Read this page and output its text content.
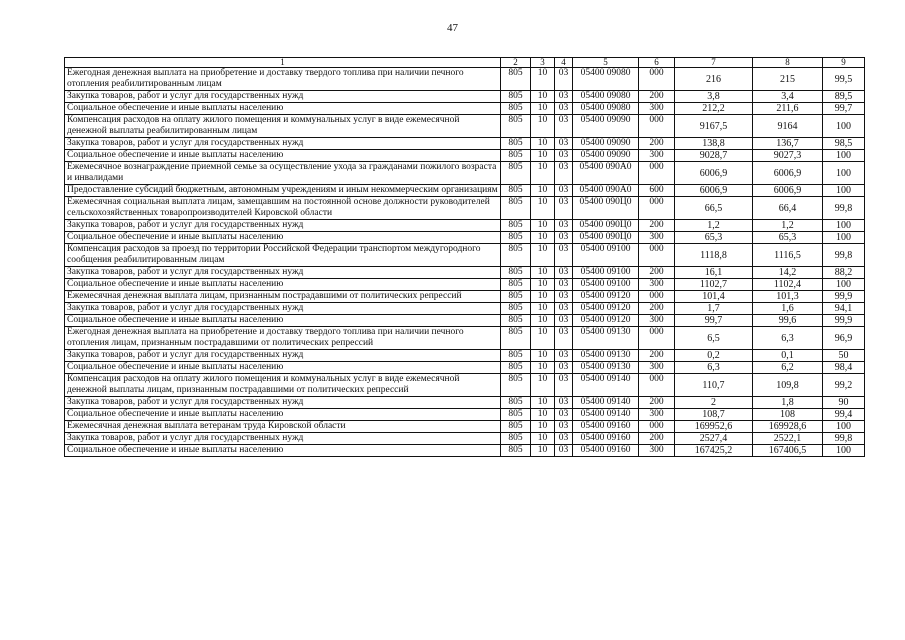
47
1	2	3	4	5	6	7	8	9
Ежегодная денежная выплата на приобретение и доставку твердого топлива при наличии печного отопления реабилитированным лицам	805	10	03	05400 09080	000	216	215	99,5
Закупка товаров, работ и услуг для государственных нужд	805	10	03	05400 09080	200	3,8	3,4	89,5
Социальное обеспечение и иные выплаты населению	805	10	03	05400 09080	300	212,2	211,6	99,7
Компенсация расходов на оплату жилого помещения и коммунальных услуг в виде ежемесячной денежной выплаты реабилитированным лицам	805	10	03	05400 09090	000	9167,5	9164	100
Закупка товаров, работ и услуг для государственных нужд	805	10	03	05400 09090	200	138,8	136,7	98,5
Социальное обеспечение и иные выплаты населению	805	10	03	05400 09090	300	9028,7	9027,3	100
Ежемесячное вознаграждение приемной семье за осуществление ухода за гражданами пожилого возраста и инвалидами	805	10	03	05400 090А0	000	6006,9	6006,9	100
Предоставление субсидий бюджетным, автономным учреждениям и иным некоммерческим организациям	805	10	03	05400 090А0	600	6006,9	6006,9	100
Ежемесячная социальная выплата лицам, замещавшим на постоянной основе должности руководителей сельскохозяйственных товаропроизводителей Кировской области	805	10	03	05400 090Ц0	000	66,5	66,4	99,8
Закупка товаров, работ и услуг для государственных нужд	805	10	03	05400 090Ц0	200	1,2	1,2	100
Социальное обеспечение и иные выплаты населению	805	10	03	05400 090Ц0	300	65,3	65,3	100
Компенсация расходов за проезд по территории Российской Федерации транспортом междугородного сообщения реабилитированным лицам	805	10	03	05400 09100	000	1118,8	1116,5	99,8
Закупка товаров, работ и услуг для государственных нужд	805	10	03	05400 09100	200	16,1	14,2	88,2
Социальное обеспечение и иные выплаты населению	805	10	03	05400 09100	300	1102,7	1102,4	100
Ежемесячная денежная выплата лицам, признанным пострадавшими от политических репрессий	805	10	03	05400 09120	000	101,4	101,3	99,9
Закупка товаров, работ и услуг для государственных нужд	805	10	03	05400 09120	200	1,7	1,6	94,1
Социальное обеспечение и иные выплаты населению	805	10	03	05400 09120	300	99,7	99,6	99,9
Ежегодная денежная выплата на приобретение и доставку твердого топлива при наличии печного отопления лицам, признанным пострадавшими от политических репрессий	805	10	03	05400 09130	000	6,5	6,3	96,9
Закупка товаров, работ и услуг для государственных нужд	805	10	03	05400 09130	200	0,2	0,1	50
Социальное обеспечение и иные выплаты населению	805	10	03	05400 09130	300	6,3	6,2	98,4
Компенсация расходов на оплату жилого помещения и коммунальных услуг в виде ежемесячной денежной выплаты лицам, признанным пострадавшими от политических репрессий	805	10	03	05400 09140	000	110,7	109,8	99,2
Закупка товаров, работ и услуг для государственных нужд	805	10	03	05400 09140	200	2	1,8	90
Социальное обеспечение и иные выплаты населению	805	10	03	05400 09140	300	108,7	108	99,4
Ежемесячная денежная выплата ветеранам труда Кировской области	805	10	03	05400 09160	000	169952,6	169928,6	100
Закупка товаров, работ и услуг для государственных нужд	805	10	03	05400 09160	200	2527,4	2522,1	99,8
Социальное обеспечение и иные выплаты населению	805	10	03	05400 09160	300	167425,2	167406,5	100
